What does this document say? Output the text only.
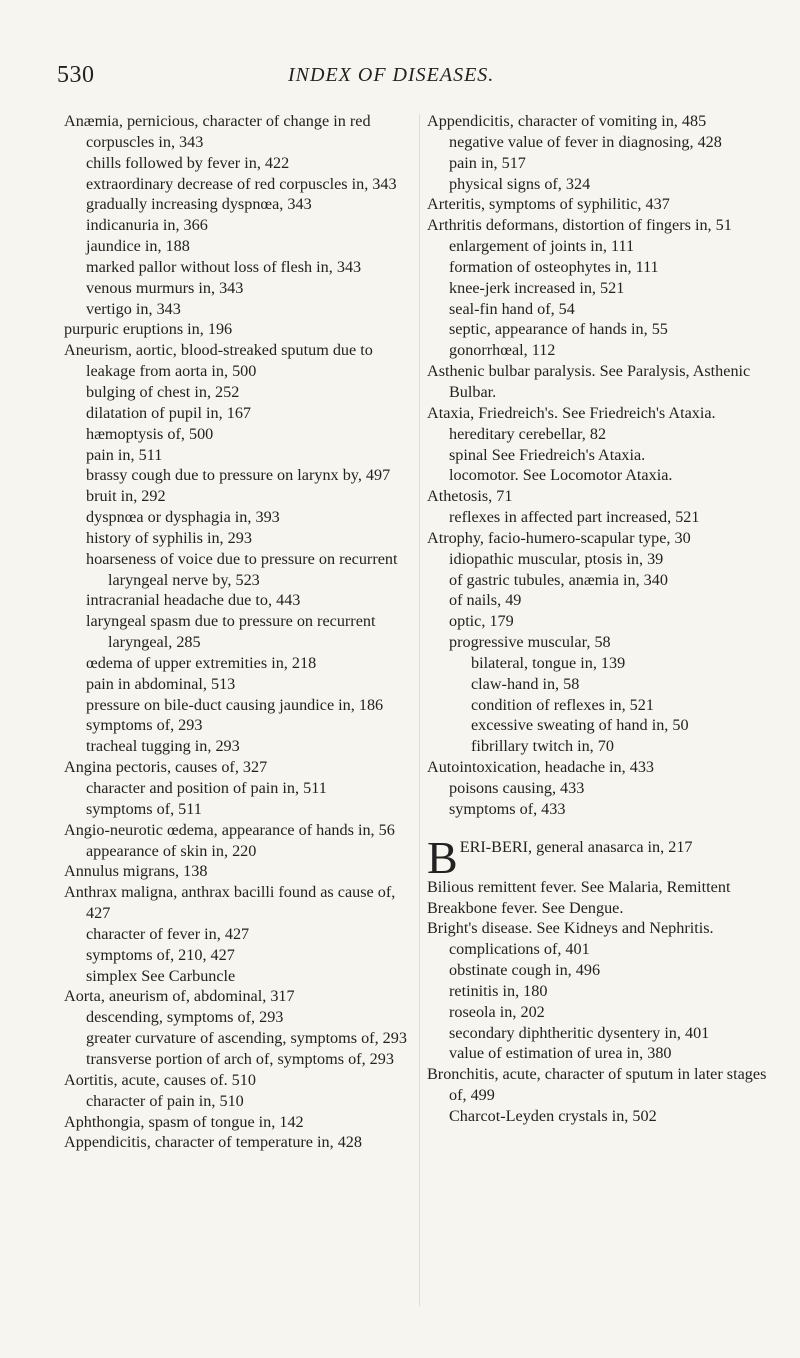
530	INDEX OF DISEASES.

Anæmia, pernicious, character of change in red corpuscles in, 343

chills followed by fever in, 422

extraordinary decrease of red corpuscles in, 343

gradually increasing dyspnœa, 343

indicanuria in, 366

jaundice in, 188

marked pallor without loss of flesh in, 343

venous murmurs in, 343

vertigo in, 343

purpuric eruptions in, 196

Aneurism, aortic, blood-streaked sputum due to leakage from aorta in, 500

bulging of chest in, 252

dilatation of pupil in, 167

hæmoptysis of, 500

pain in, 511

brassy cough due to pressure on larynx by, 497

bruit in, 292

dyspnœa or dysphagia in, 393

history of syphilis in, 293

hoarseness of voice due to pressure on recurrent laryngeal nerve by, 523

intracranial headache due to, 443

laryngeal spasm due to pressure on recurrent laryngeal, 285

œdema of upper extremities in, 218

pain in abdominal, 513

pressure on bile-duct causing jaundice in, 186

symptoms of, 293

tracheal tugging in, 293

Angina pectoris, causes of, 327

character and position of pain in, 511

symptoms of, 511

Angio-neurotic œdema, appearance of hands in, 56

appearance of skin in, 220

Annulus migrans, 138

Anthrax maligna, anthrax bacilli found as cause of, 427

character of fever in, 427

symptoms of, 210, 427

simplex See Carbuncle

Aorta, aneurism of, abdominal, 317

descending, symptoms of, 293

greater curvature of ascending, symptoms of, 293

transverse portion of arch of, symptoms of, 293

Aortitis, acute, causes of. 510

character of pain in, 510

Aphthongia, spasm of tongue in, 142

Appendicitis, character of temperature in, 428

Appendicitis, character of vomiting in, 485

negative value of fever in diagnosing, 428

pain in, 517

physical signs of, 324

Arteritis, symptoms of syphilitic, 437

Arthritis deformans, distortion of fingers in, 51

enlargement of joints in, 111

formation of osteophytes in, 111

knee-jerk increased in, 521

seal-fin hand of, 54

septic, appearance of hands in, 55

gonorrhœal, 112

Asthenic bulbar paralysis. See Paralysis, Asthenic Bulbar.

Ataxia, Friedreich's. See Friedreich's Ataxia.

hereditary cerebellar, 82

spinal See Friedreich's Ataxia.

locomotor. See Locomotor Ataxia.

Athetosis, 71

reflexes in affected part increased, 521

Atrophy, facio-humero-scapular type, 30

idiopathic muscular, ptosis in, 39

of gastric tubules, anæmia in, 340

of nails, 49

optic, 179

progressive muscular, 58

bilateral, tongue in, 139

claw-hand in, 58

condition of reflexes in, 521

excessive sweating of hand in, 50

fibrillary twitch in, 70

Autointoxication, headache in, 433

poisons causing, 433

symptoms of, 433

B ERI-BERI, general anasarca in, 217

Bilious remittent fever. See Malaria, Remittent

Breakbone fever. See Dengue.

Bright's disease. See Kidneys and Nephritis.

complications of, 401

obstinate cough in, 496

retinitis in, 180

roseola in, 202

secondary diphtheritic dysentery in, 401

value of estimation of urea in, 380

Bronchitis, acute, character of sputum in later stages of, 499

Charcot-Leyden crystals in, 502
